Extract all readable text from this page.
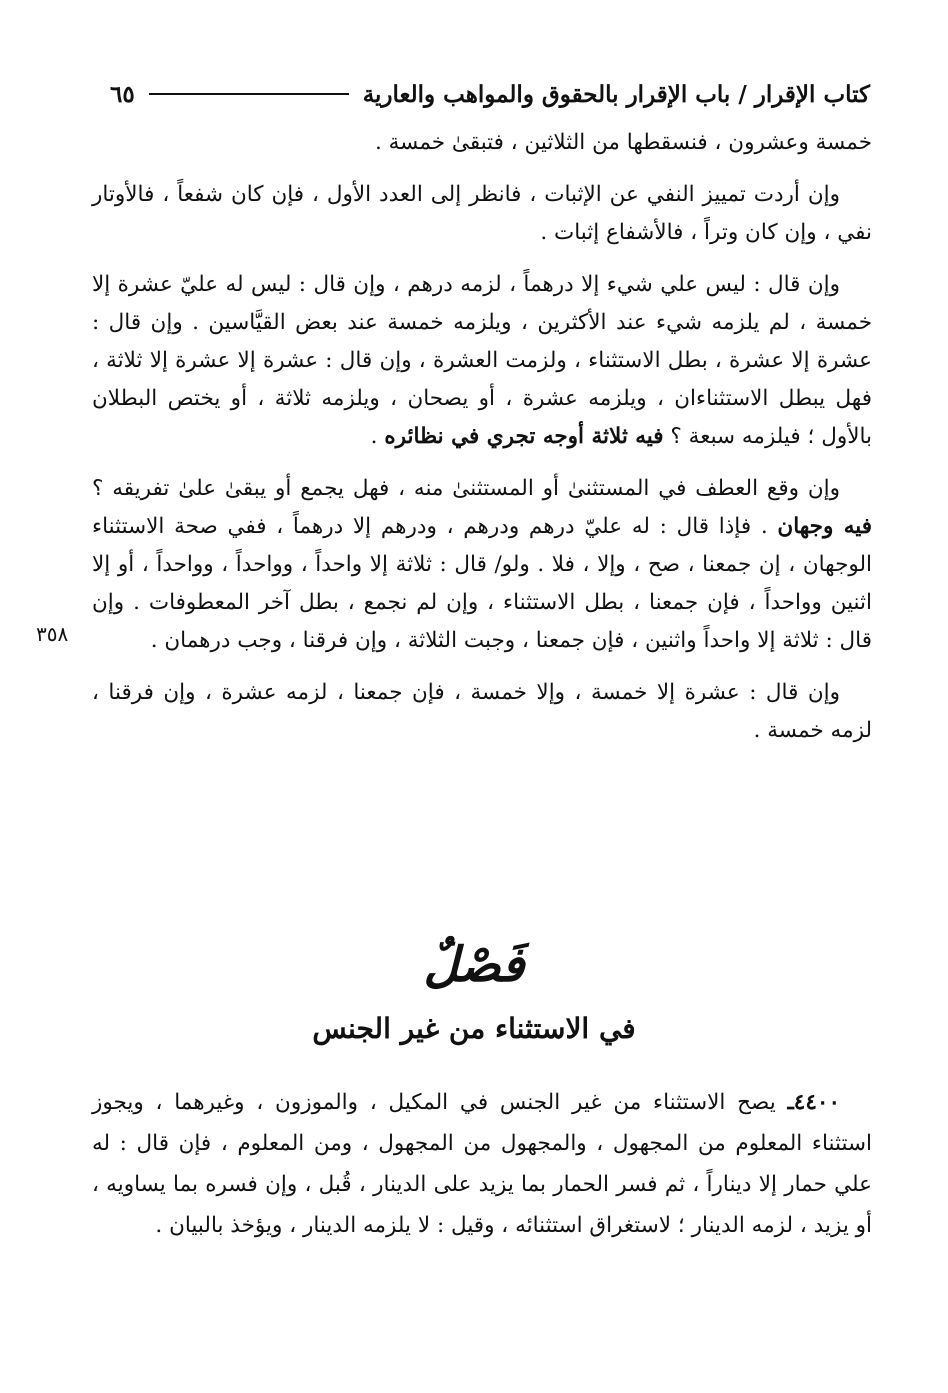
كتاب الإقرار / باب الإقرار بالحقوق والمواهب والعارية
٦٥

خمسة وعشرون ، فنسقطها من الثلاثين ، فتبقىٰ خمسة .

وإن أردت تمييز النفي عن الإثبات ، فانظر إلى العدد الأول ، فإن كان شفعاً ، فالأوتار نفي ، وإن كان وتراً ، فالأشفاع إثبات .

وإن قال : ليس علي شيء إلا درهماً ، لزمه درهم ، وإن قال : ليس له عليّ عشرة إلا خمسة ، لم يلزمه شيء عند الأكثرين ، ويلزمه خمسة عند بعض القيَّاسين . وإن قال : عشرة إلا عشرة ، بطل الاستثناء ، ولزمت العشرة ، وإن قال : عشرة إلا عشرة إلا ثلاثة ، فهل يبطل الاستثناءان ، ويلزمه عشرة ، أو يصحان ، ويلزمه ثلاثة ، أو يختص البطلان بالأول ؛ فيلزمه سبعة ؟ فيه ثلاثة أوجه تجري في نظائره .

وإن وقع العطف في المستثنىٰ أو المستثنىٰ منه ، فهل يجمع أو يبقىٰ علىٰ تفريقه ؟ فيه وجهان . فإذا قال : له عليّ درهم ودرهم ، ودرهم إلا درهماً ، ففي صحة الاستثناء الوجهان ، إن جمعنا ، صح ، وإلا ، فلا . ولو/ قال : ثلاثة إلا واحداً ، وواحداً ، وواحداً ، أو إلا اثنين وواحداً ، فإن جمعنا ، بطل الاستثناء ، وإن لم نجمع ، بطل آخر المعطوفات . وإن قال : ثلاثة إلا واحداً واثنين ، فإن جمعنا ، وجبت الثلاثة ، وإن فرقنا ، وجب درهمان .

وإن قال : عشرة إلا خمسة ، وإلا خمسة ، فإن جمعنا ، لزمه عشرة ، وإن فرقنا ، لزمه خمسة .

٣٥٨
فَصْلٌ
في الاستثناء من غير الجنس

٤٤٠٠ـ يصح الاستثناء من غير الجنس في المكيل ، والموزون ، وغيرهما ، ويجوز استثناء المعلوم من المجهول ، والمجهول من المجهول ، ومن المعلوم ، فإن قال : له علي حمار إلا ديناراً ، ثم فسر الحمار بما يزيد على الدينار ، قُبل ، وإن فسره بما يساويه ، أو يزيد ، لزمه الدينار ؛ لاستغراق استثنائه ، وقيل : لا يلزمه الدينار ، ويؤخذ بالبيان .
